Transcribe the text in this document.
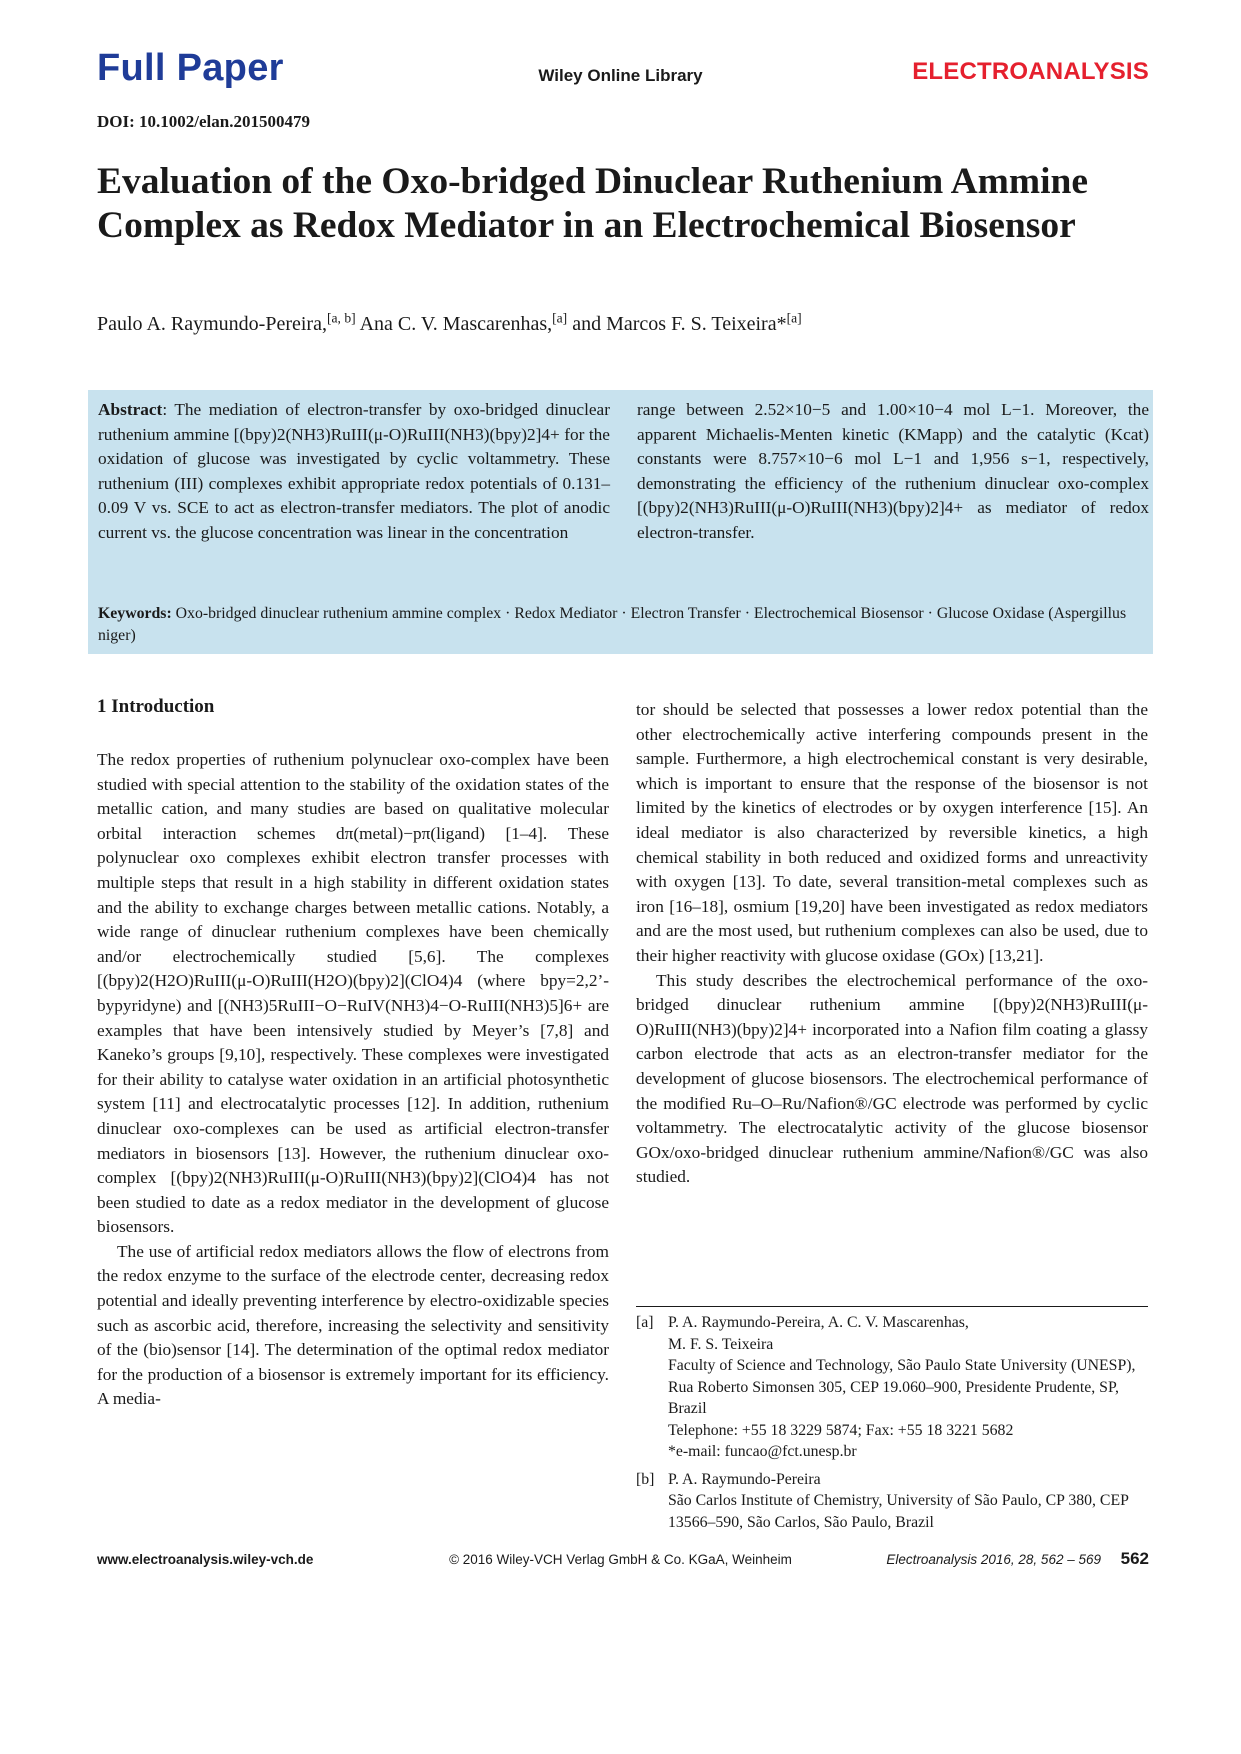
Full Paper	Wiley Online Library	ELECTROANALYSIS
DOI: 10.1002/elan.201500479
Evaluation of the Oxo-bridged Dinuclear Ruthenium Ammine Complex as Redox Mediator in an Electrochemical Biosensor
Paulo A. Raymundo-Pereira,[a, b] Ana C. V. Mascarenhas,[a] and Marcos F. S. Teixeira*[a]
Abstract: The mediation of electron-transfer by oxo-bridged dinuclear ruthenium ammine [(bpy)2(NH3)RuIII(μ-O)RuIII(NH3)(bpy)2]4+ for the oxidation of glucose was investigated by cyclic voltammetry. These ruthenium (III) complexes exhibit appropriate redox potentials of 0.131–0.09 V vs. SCE to act as electron-transfer mediators. The plot of anodic current vs. the glucose concentration was linear in the concentration
range between 2.52×10−5 and 1.00×10−4 mol L−1. Moreover, the apparent Michaelis-Menten kinetic (KMapp) and the catalytic (Kcat) constants were 8.757×10−6 mol L−1 and 1,956 s−1, respectively, demonstrating the efficiency of the ruthenium dinuclear oxo-complex [(bpy)2(NH3)RuIII(μ-O)RuIII(NH3)(bpy)2]4+ as mediator of redox electron-transfer.
Keywords: Oxo-bridged dinuclear ruthenium ammine complex · Redox Mediator · Electron Transfer · Electrochemical Biosensor · Glucose Oxidase (Aspergillus niger)
1 Introduction

The redox properties of ruthenium polynuclear oxo-complex have been studied with special attention to the stability of the oxidation states of the metallic cation, and many studies are based on qualitative molecular orbital interaction schemes dπ(metal)−pπ(ligand) [1–4]. These polynuclear oxo complexes exhibit electron transfer processes with multiple steps that result in a high stability in different oxidation states and the ability to exchange charges between metallic cations. Notably, a wide range of dinuclear ruthenium complexes have been chemically and/or electrochemically studied [5,6]. The complexes [(bpy)2(H2O)RuIII(μ-O)RuIII(H2O)(bpy)2](ClO4)4 (where bpy=2,2’-bypyridyne) and [(NH3)5RuIII−O−RuIV(NH3)4−O-RuIII(NH3)5]6+ are examples that have been intensively studied by Meyer’s [7,8] and Kaneko’s groups [9,10], respectively. These complexes were investigated for their ability to catalyse water oxidation in an artificial photosynthetic system [11] and electrocatalytic processes [12]. In addition, ruthenium dinuclear oxo-complexes can be used as artificial electron-transfer mediators in biosensors [13]. However, the ruthenium dinuclear oxo-complex [(bpy)2(NH3)RuIII(μ-O)RuIII(NH3)(bpy)2](ClO4)4 has not been studied to date as a redox mediator in the development of glucose biosensors.

The use of artificial redox mediators allows the flow of electrons from the redox enzyme to the surface of the electrode center, decreasing redox potential and ideally preventing interference by electro-oxidizable species such as ascorbic acid, therefore, increasing the selectivity and sensitivity of the (bio)sensor [14]. The determination of the optimal redox mediator for the production of a biosensor is extremely important for its efficiency. A media-

tor should be selected that possesses a lower redox potential than the other electrochemically active interfering compounds present in the sample. Furthermore, a high electrochemical constant is very desirable, which is important to ensure that the response of the biosensor is not limited by the kinetics of electrodes or by oxygen interference [15]. An ideal mediator is also characterized by reversible kinetics, a high chemical stability in both reduced and oxidized forms and unreactivity with oxygen [13]. To date, several transition-metal complexes such as iron [16–18], osmium [19,20] have been investigated as redox mediators and are the most used, but ruthenium complexes can also be used, due to their higher reactivity with glucose oxidase (GOx) [13,21].

This study describes the electrochemical performance of the oxo-bridged dinuclear ruthenium ammine [(bpy)2(NH3)RuIII(μ-O)RuIII(NH3)(bpy)2]4+ incorporated into a Nafion film coating a glassy carbon electrode that acts as an electron-transfer mediator for the development of glucose biosensors. The electrochemical performance of the modified Ru–O–Ru/Nafion®/GC electrode was performed by cyclic voltammetry. The electrocatalytic activity of the glucose biosensor GOx/oxo-bridged dinuclear ruthenium ammine/Nafion®/GC was also studied.

[a] P. A. Raymundo-Pereira, A. C. V. Mascarenhas,
M. F. S. Teixeira
Faculty of Science and Technology, São Paulo State University (UNESP), Rua Roberto Simonsen 305, CEP 19.060–900, Presidente Prudente, SP, Brazil
Telephone: +55 18 3229 5874; Fax: +55 18 3221 5682
*e-mail: funcao@fct.unesp.br
[b] P. A. Raymundo-Pereira
São Carlos Institute of Chemistry, University of São Paulo, CP 380, CEP 13566–590, São Carlos, São Paulo, Brazil
www.electroanalysis.wiley-vch.de	© 2016 Wiley-VCH Verlag GmbH & Co. KGaA, Weinheim	Electroanalysis 2016, 28, 562 – 569 562
